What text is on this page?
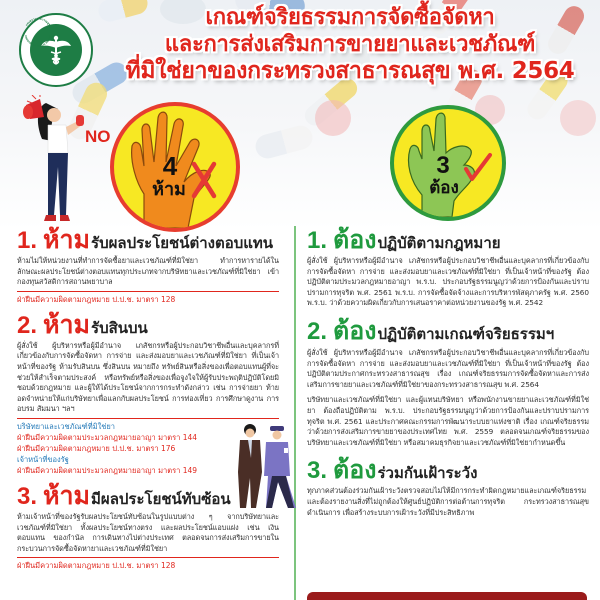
กระทรวงสาธารณสุข
MINISTRY OF PUBLIC HEALTH
เกณฑ์จริยธรรมการจัดซื้อจัดหา
และการส่งเสริมการขายยาและเวชภัณฑ์
ที่มิใช่ยาของกระทรวงสาธารณสุข พ.ศ. 2564
NO
4
ห้าม
3
ต้อง
1. ห้าม รับผลประโยชน์ต่างตอบแทน

ห้ามไม่ให้หน่วยงานที่ทำการจัดซื้อยาและเวชภัณฑ์ที่มิใช่ยา ทำการหารายได้ในลักษณะผลประโยชน์ต่างตอบแทนทุกประเภทจากบริษัทยาและเวชภัณฑ์ที่มิใช่ยา เข้ากองทุนสวัสดิการสถานพยาบาล

ฝ่าฝืนมีความผิดตามกฎหมาย ป.ป.ช. มาตรา 128
2. ห้าม รับสินบน

ผู้สั่งใช้ ผู้บริหารหรือผู้มีอำนาจ เภสัชกรหรือผู้ประกอบวิชาชีพอื่นและบุคลากรที่เกี่ยวข้องกับการจัดซื้อจัดหา การจ่าย และส่งมอบยาและเวชภัณฑ์ที่มิใช่ยา ที่เป็นเจ้าหน้าที่ของรัฐ ห้ามรับสินบน ซึ่งสินบน หมายถึง ทรัพย์สินหรือสิ่งของเพื่อตอบแทนผู้ที่จะช่วยให้สำเร็จตามประสงค์ หรือทรัพย์หรือสิ่งของเพื่อจูงใจให้ผู้รับประพฤติปฏิบัติโดยมิชอบด้วยกฎหมาย และผู้ให้ได้ประโยชน์จากการกระทำดังกล่าว เช่น การจ่ายยา ท้ายอดจำหน่ายให้แก่บริษัทยาเพื่อแลกกับผลประโยชน์ การท่องเที่ยว การศึกษาดูงาน การอบรม สัมมนา ฯลฯ

บริษัทยาและเวชภัณฑ์ที่มิใช่ยา
ฝ่าฝืนมีความผิดตามประมวลกฎหมายอาญา มาตรา 144
ฝ่าฝืนมีความผิดตามกฎหมาย ป.ป.ช. มาตรา 176
เจ้าหน้าที่ของรัฐ
ฝ่าฝืนมีความผิดตามประมวลกฎหมายอาญา มาตรา 149
3. ห้าม มีผลประโยชน์ทับซ้อน

ห้ามเจ้าหน้าที่ของรัฐรับผลประโยชน์ทับซ้อนในรูปแบบต่าง ๆ จากบริษัทยาและเวชภัณฑ์ที่มิใช่ยา ทั้งผลประโยชน์ทางตรง และผลประโยชน์แอบแฝง เช่น เงินตอบแทน ของกำนัล การเดินทางไปต่างประเทศ ตลอดจนการส่งเสริมการขายในกระบวนการจัดซื้อจัดหายาและเวชภัณฑ์ที่มิใช่ยา

ฝ่าฝืนมีความผิดตามกฎหมาย ป.ป.ช. มาตรา 128
1. ต้อง ปฏิบัติตามกฎหมาย

ผู้สั่งใช้ ผู้บริหารหรือผู้มีอำนาจ เภสัชกรหรือผู้ประกอบวิชาชีพอื่นและบุคลากรที่เกี่ยวข้องกับการจัดซื้อจัดหา การจ่าย และส่งมอบยาและเวชภัณฑ์ที่มิใช่ยา ที่เป็นเจ้าหน้าที่ของรัฐ ต้องปฏิบัติตามประมวลกฎหมายอาญา พ.ร.บ. ประกอบรัฐธรรมนูญว่าด้วยการป้องกันและปราบปรามการทุจริต พ.ศ. 2561 พ.ร.บ. การจัดซื้อจัดจ้างและการบริหารพัสดุภาครัฐ พ.ศ. 2560 พ.ร.บ. ว่าด้วยความผิดเกี่ยวกับการเสนอราคาต่อหน่วยงานของรัฐ พ.ศ. 2542

2. ต้อง ปฏิบัติตามเกณฑ์จริยธรรมฯ

ผู้สั่งใช้ ผู้บริหารหรือผู้มีอำนาจ เภสัชกรหรือผู้ประกอบวิชาชีพอื่นและบุคลากรที่เกี่ยวข้องกับการจัดซื้อจัดหา การจ่าย และส่งมอบยาและเวชภัณฑ์ที่มิใช่ยา ที่เป็นเจ้าหน้าที่ของรัฐ ต้องปฏิบัติตามประกาศกระทรวงสาธารณสุข เรื่อง เกณฑ์จริยธรรมการจัดซื้อจัดหาและการส่งเสริมการขายยาและเวชภัณฑ์ที่มิใช่ยาของกระทรวงสาธารณสุข พ.ศ. 2564

บริษัทยาและเวชภัณฑ์ที่มิใช่ยา และผู้แทนบริษัทยา หรือพนักงานขายยาและเวชภัณฑ์ที่มิใช่ยา ต้องถือปฏิบัติตาม พ.ร.บ. ประกอบรัฐธรรมนูญว่าด้วยการป้องกันและปราบปรามการทุจริต พ.ศ. 2561 และประกาศคณะกรรมการพัฒนาระบบยาแห่งชาติ เรื่อง เกณฑ์จริยธรรมว่าด้วยการส่งเสริมการขายยาของประเทศไทย พ.ศ. 2559 ตลอดจนเกณฑ์จริยธรรมของบริษัทยาและเวชภัณฑ์ที่มิใช่ยา หรือสมาคมธุรกิจยาและเวชภัณฑ์ที่มิใช่ยากำหนดขึ้น

3. ต้อง ร่วมกันเฝ้าระวัง

ทุกภาคส่วนต้องร่วมกันเฝ้าระวังตรวจสอบไม่ให้มีการกระทำผิดกฎหมายและเกณฑ์จริยธรรม และต้องรายงานสิ่งที่ไม่ถูกต้องให้ศูนย์ปฏิบัติการต่อต้านการทุจริต กระทรวงสาธารณสุข ดำเนินการ เพื่อสร้างระบบการเฝ้าระวังที่มีประสิทธิภาพ
